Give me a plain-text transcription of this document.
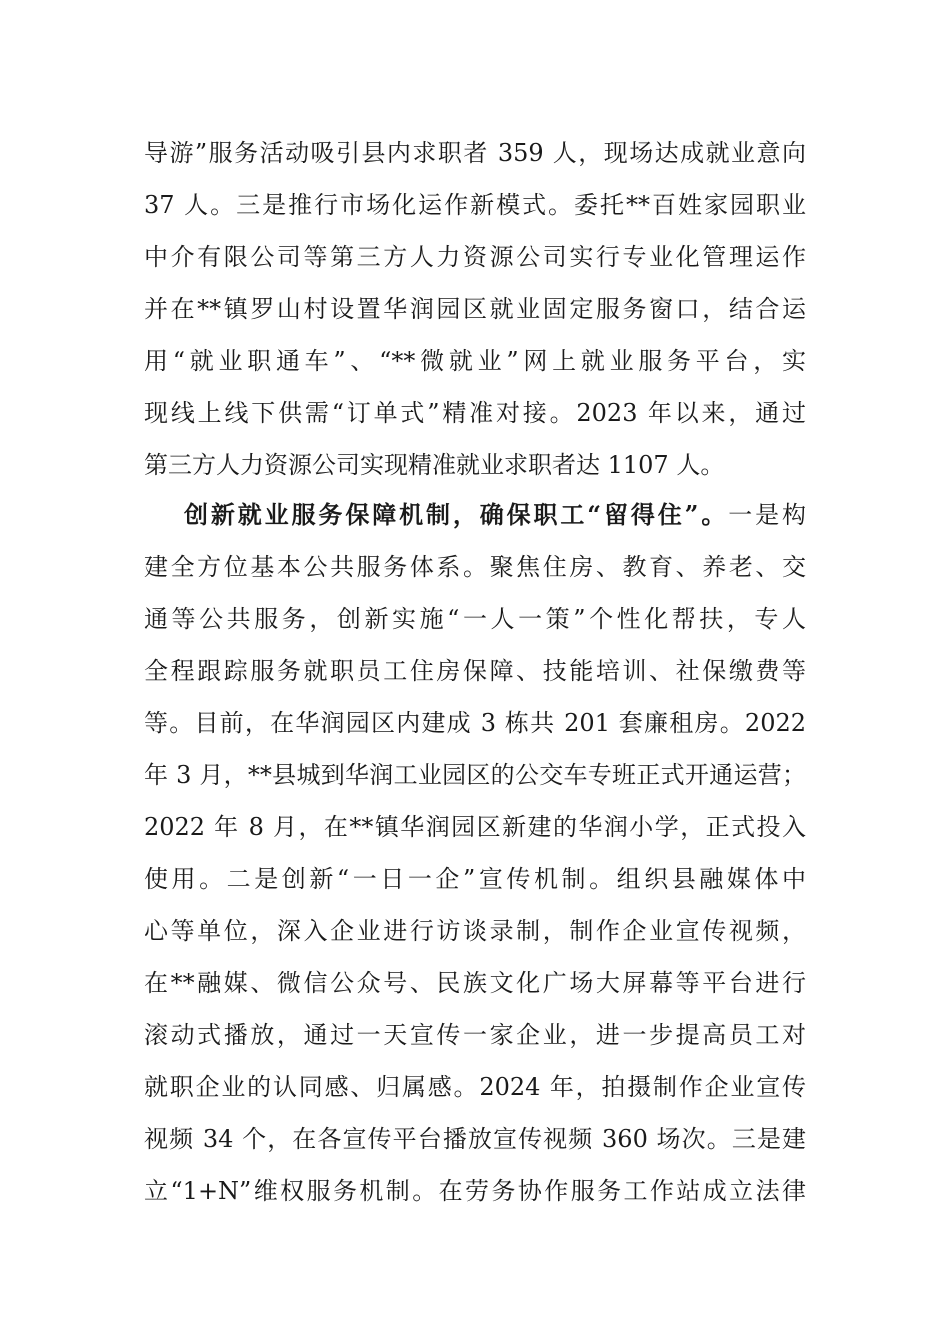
导游”服务活动吸引县内求职者 359 人，现场达成就业意向
37 人。三是推行市场化运作新模式。委托**百姓家园职业
中介有限公司等第三方人力资源公司实行专业化管理运作
并在**镇罗山村设置华润园区就业固定服务窗口，结合运
用“就业职通车”、“**微就业”网上就业服务平台，实
现线上线下供需“订单式”精准对接。2023 年以来，通过
第三方人力资源公司实现精准就业求职者达 1107 人。
创新就业服务保障机制，确保职工“留得住”。一是构
建全方位基本公共服务体系。聚焦住房、教育、养老、交
通等公共服务，创新实施“一人一策”个性化帮扶，专人
全程跟踪服务就职员工住房保障、技能培训、社保缴费等
等。目前，在华润园区内建成 3 栋共 201 套廉租房。2022
年 3 月，**县城到华润工业园区的公交车专班正式开通运营；
2022 年 8 月，在**镇华润园区新建的华润小学，正式投入
使用。二是创新“一日一企”宣传机制。组织县融媒体中
心等单位，深入企业进行访谈录制，制作企业宣传视频，
在**融媒、微信公众号、民族文化广场大屏幕等平台进行
滚动式播放，通过一天宣传一家企业，进一步提高员工对
就职企业的认同感、归属感。2024 年，拍摄制作企业宣传
视频 34 个，在各宣传平台播放宣传视频 360 场次。三是建
立“1+N”维权服务机制。在劳务协作服务工作站成立法律
